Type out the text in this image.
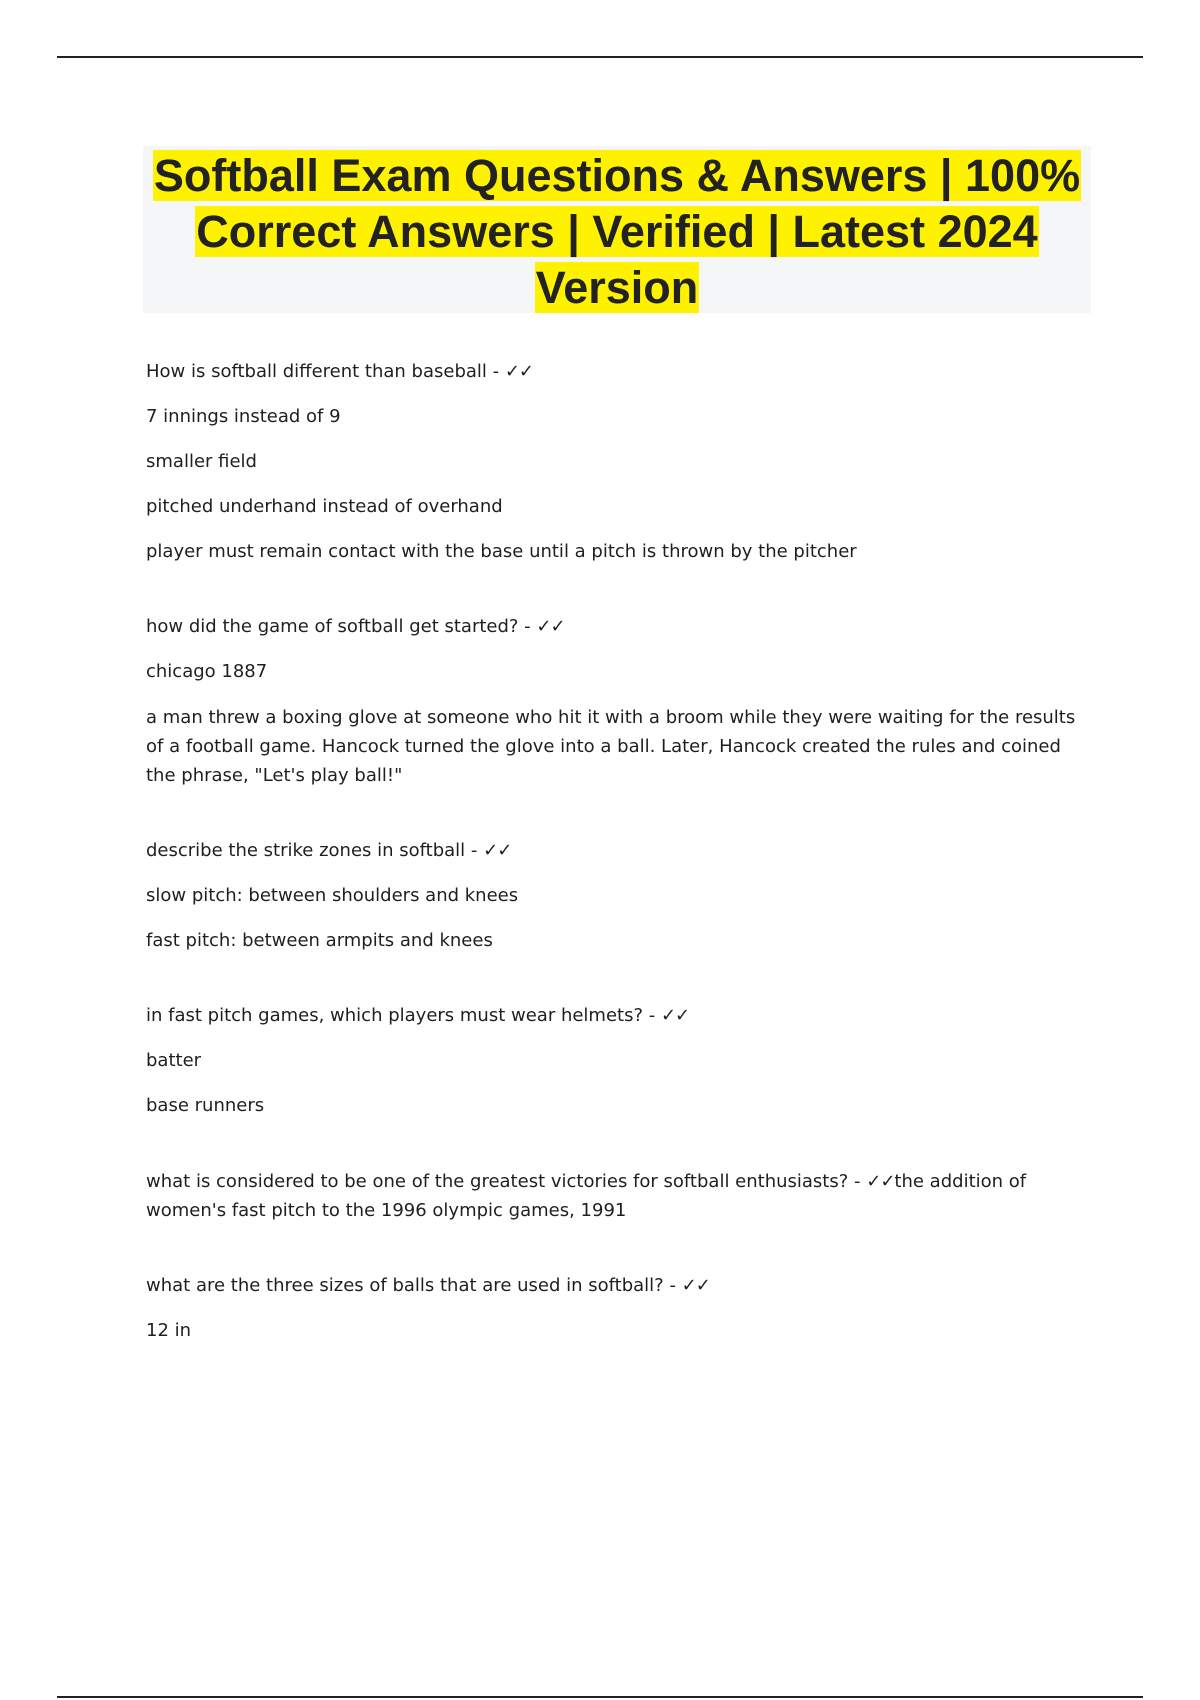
Softball Exam Questions & Answers | 100% Correct Answers | Verified | Latest 2024 Version
How is softball different than baseball - ✓✓
7 innings instead of 9
smaller field
pitched underhand instead of overhand
player must remain contact with the base until a pitch is thrown by the pitcher
how did the game of softball get started? - ✓✓
chicago 1887
a man threw a boxing glove at someone who hit it with a broom while they were waiting for the results of a football game. Hancock turned the glove into a ball. Later, Hancock created the rules and coined the phrase, "Let's play ball!"
describe the strike zones in softball - ✓✓
slow pitch: between shoulders and knees
fast pitch: between armpits and knees
in fast pitch games, which players must wear helmets? - ✓✓
batter
base runners
what is considered to be one of the greatest victories for softball enthusiasts? - ✓✓the addition of women's fast pitch to the 1996 olympic games, 1991
what are the three sizes of balls that are used in softball? - ✓✓
12 in
